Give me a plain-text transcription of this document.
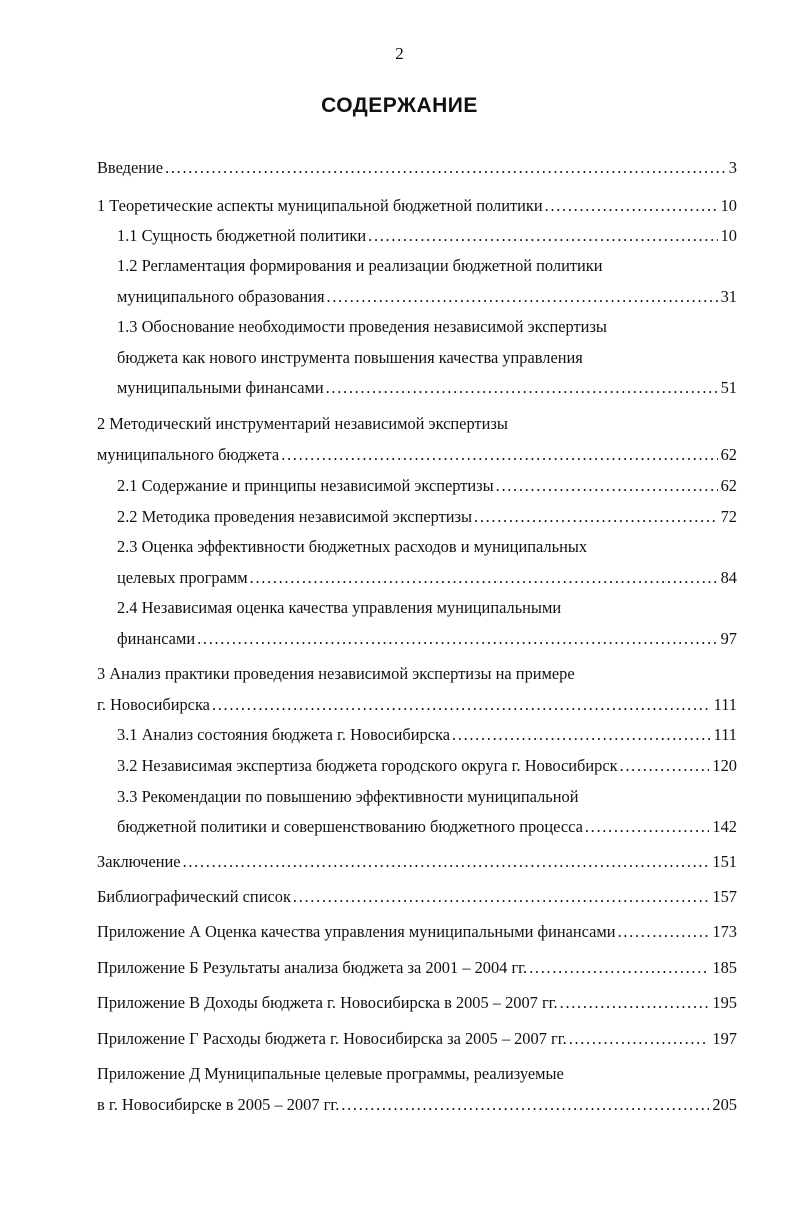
2
СОДЕРЖАНИЕ
Введение . . .	3
1 Теоретические аспекты муниципальной бюджетной политики . . .	10
1.1 Сущность бюджетной политики . . .	10
1.2 Регламентация формирования и реализации бюджетной политики
муниципального образования . . .	31
1.3 Обоснование необходимости проведения независимой экспертизы
бюджета как нового инструмента повышения качества управления
муниципальными финансами . . .	51
2 Методический инструментарий независимой экспертизы
муниципального бюджета . . .	62
2.1 Содержание и принципы независимой экспертизы . . .	62
2.2 Методика проведения независимой экспертизы . . .	72
2.3 Оценка эффективности бюджетных расходов и муниципальных
целевых программ . . .	84
2.4 Независимая оценка качества управления муниципальными
финансами . . .	97
3 Анализ практики проведения независимой экспертизы на примере
г. Новосибирска . . .	111
3.1 Анализ состояния бюджета г. Новосибирска . . .	111
3.2 Независимая экспертиза бюджета городского округа г. Новосибирск . . .	120
3.3 Рекомендации по повышению эффективности муниципальной
бюджетной политики и совершенствованию бюджетного процесса . . .	142
Заключение . . .	151
Библиографический список . . .	157
Приложение А Оценка качества управления муниципальными финансами . . .	173
Приложение Б Результаты анализа бюджета за 2001 – 2004 гг. . . .	185
Приложение В Доходы бюджета г. Новосибирска в 2005 – 2007 гг. . . .	195
Приложение Г Расходы бюджета г. Новосибирска за 2005 – 2007 гг. . . .	197
Приложение Д Муниципальные целевые программы, реализуемые
в г. Новосибирске в 2005 – 2007 гг. . . .	205
